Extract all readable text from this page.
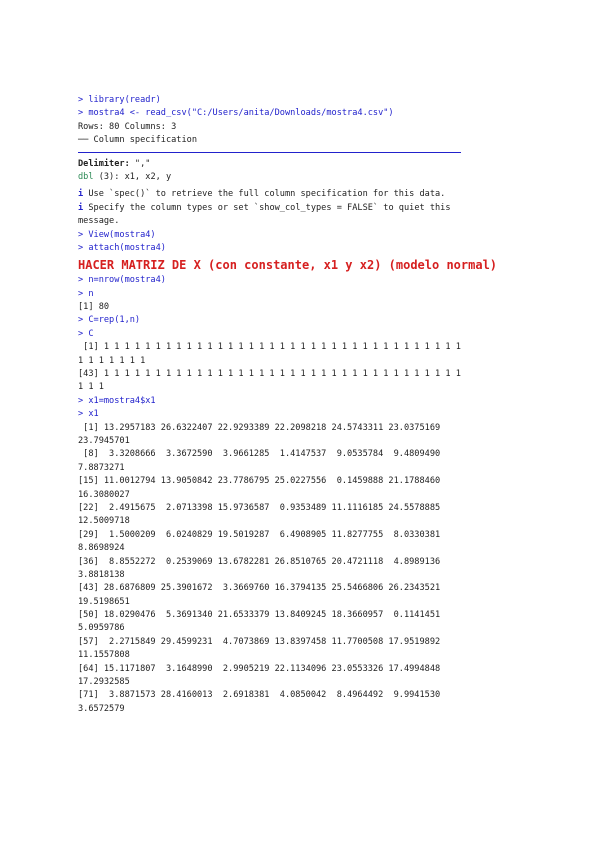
> library(readr)
> mostra4 <- read_csv("C:/Users/anita/Downloads/mostra4.csv")
Rows: 80 Columns: 3
── Column specification
Delimiter: ","
dbl (3): x1, x2, y
i Use `spec()` to retrieve the full column specification for this data.
i Specify the column types or set `show_col_types = FALSE` to quiet this
message.
> View(mostra4)
> attach(mostra4)
HACER MATRIZ DE X (con constante, x1 y x2) (modelo normal)
> n=nrow(mostra4)
> n
[1] 80
> C=rep(1,n)
> C
[1] 1 1 1 1 1 1 1 1 1 1 1 1 1 1 1 1 1 1 1 1 1 1 1 1 1 1 1 1 1 1 1 1 1 1 1
1 1 1 1 1 1 1
[43] 1 1 1 1 1 1 1 1 1 1 1 1 1 1 1 1 1 1 1 1 1 1 1 1 1 1 1 1 1 1 1 1 1 1 1
1 1 1
> x1=mostra4$x1
> x1
[1] 13.2957183 26.6322407 22.9293389 22.2098218 24.5743311 23.0375169
23.7945701
[8]  3.3208666  3.3672590  3.9661285  1.4147537  9.0535784  9.4809490
7.8873271
[15] 11.0012794 13.9050842 23.7786795 25.0227556  0.1459888 21.1788460
16.3080027
[22]  2.4915675  2.0713398 15.9736587  0.9353489 11.1116185 24.5578885
12.5009718
[29]  1.5000209  6.0240829 19.5019287  6.4908905 11.8277755  8.0330381
8.8698924
[36]  8.8552272  0.2539069 13.6782281 26.8510765 20.4721118  4.8989136
3.8818138
[43] 28.6876809 25.3901672  3.3669760 16.3794135 25.5466806 26.2343521
19.5198651
[50] 18.0290476  5.3691340 21.6533379 13.8409245 18.3660957  0.1141451
5.0959786
[57]  2.2715849 29.4599231  4.7073869 13.8397458 11.7700508 17.9519892
11.1557808
[64] 15.1171807  3.1648990  2.9905219 22.1134096 23.0553326 17.4994848
17.2932585
[71]  3.8871573 28.4160013  2.6918381  4.0850042  8.4964492  9.9941530
3.6572579
